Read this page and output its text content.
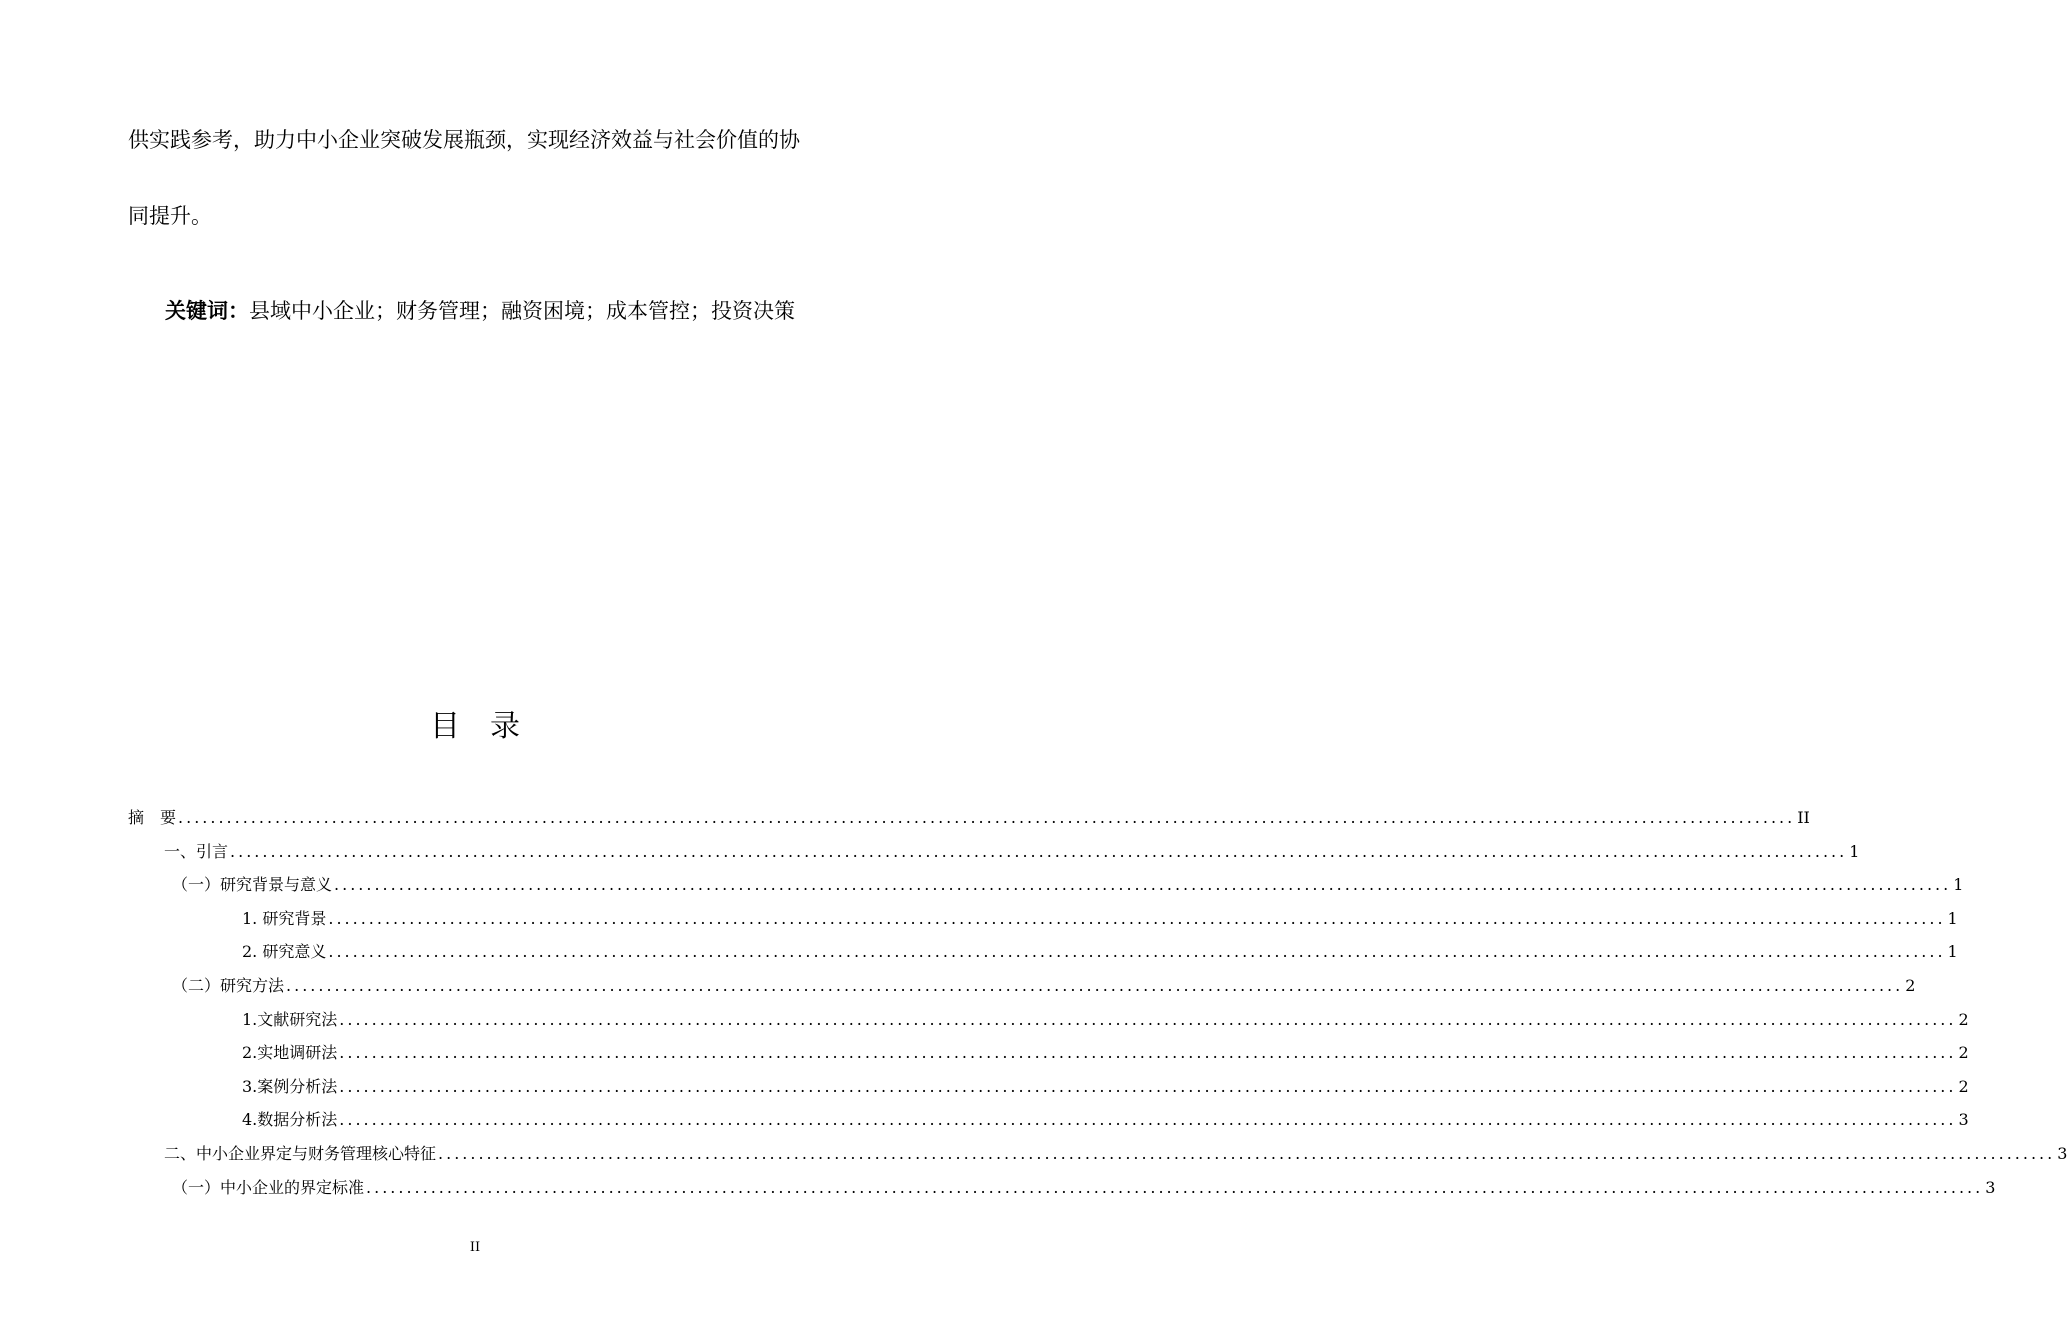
供实践参考，助力中小企业突破发展瓶颈，实现经济效益与社会价值的协
同提升。
关键词：县域中小企业；财务管理；融资困境；成本管控；投资决策
目录
摘　要 ........................................................................................................................................................................................................ II
一、引言 ........................................................................................................................................................................................................ 1
（一）研究背景与意义 ........................................................................................................................................................................................................ 1
1. 研究背景 ........................................................................................................................................................................................................ 1
2. 研究意义 ........................................................................................................................................................................................................ 1
（二）研究方法 ........................................................................................................................................................................................................ 2
1.文献研究法 ........................................................................................................................................................................................................ 2
2.实地调研法 ........................................................................................................................................................................................................ 2
3.案例分析法 ........................................................................................................................................................................................................ 2
4.数据分析法 ........................................................................................................................................................................................................ 3
二、中小企业界定与财务管理核心特征 ........................................................................................................................................................................................................ 3
（一）中小企业的界定标准 ........................................................................................................................................................................................................ 3
II
